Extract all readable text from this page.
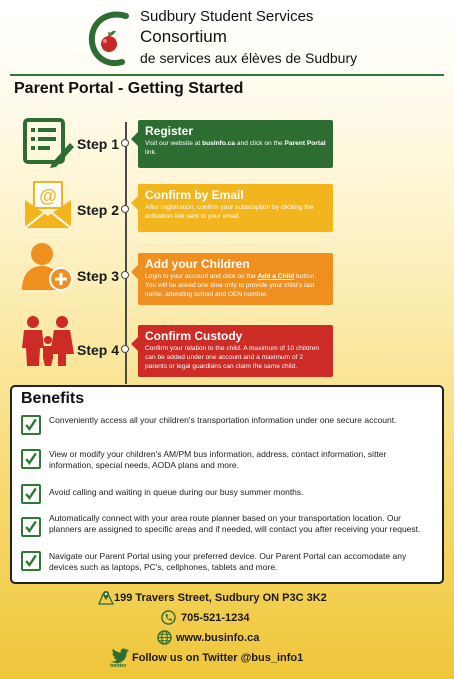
Sudbury Student Services
Consortium
de services aux élèves de Sudbury
Parent Portal - Getting Started
Step 1
Register
Visit our website at busInfo.ca and click on the Parent Portal link.
@
Step 2
Confirm by Email
After registration, confirm your subscription by clicking the activation link sent to your email.
Step 3
Add your Children
Login to your account and click on the Add a Child button. You will be asked one time only to provide your child's last name, attending school and OEN number.
Step 4
Confirm Custody
Confirm your relation to the child. A maximum of 10 children can be added under one account and a maximum of 2 parents or legal guardians can claim the same child.
Benefits
Conveniently access all your children's transportation information under one secure account.
View or modify your children's AM/PM bus information, address, contact information, sitter information, special needs, AODA plans and more.
Avoid calling and waiting in queue during our busy summer months.
Automatically connect with your area route planner based on your transportation location. Our planners are assigned to specific areas and if needed, will contact you after receiving your request.
Navigate our Parent Portal using your preferred device. Our Parent Portal can accomodate any devices such as laptops, PC's, cellphones, tablets and more.
199 Travers Street, Sudbury ON P3C 3K2
705-521-1234
www.businfo.ca
twitter
Follow us on Twitter @bus_info1
